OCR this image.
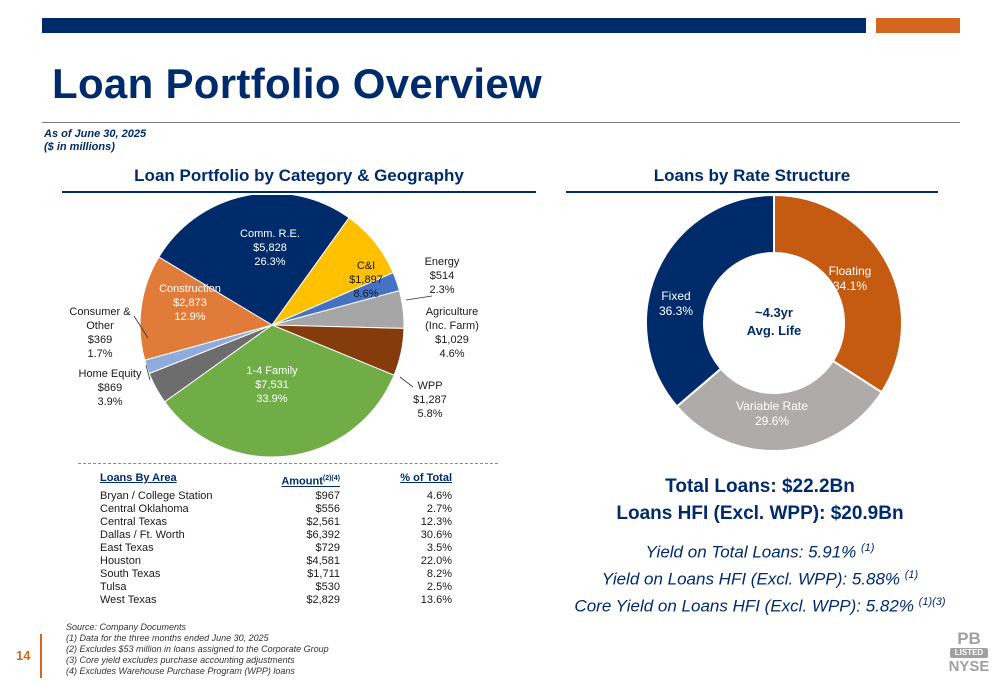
Loan Portfolio Overview
As of June 30, 2025
($ in millions)
Loan Portfolio by Category & Geography	Loans by Rate Structure
Comm. R.E. $5,828 26.3%	C&I $1,897 8.6%
Energy $514 2.3%
Agriculture (Inc. Farm) $1,029 4.6%
WPP $1,287 5.8%
1-4 Family $7,531 33.9%
Home Equity $869 3.9%
Consumer & Other $369 1.7%
Construction $2,873 12.9%
Floating 34.1%
Variable Rate 29.6%
Fixed 36.3%	~4.3yr
Avg. Life
Loans By Area	Amount$^{(2)(4)}$	% of Total
Bryan / College Station	$967	4.6%
Central Oklahoma	$556	2.7%
Central Texas	$2,561	12.3%
Dallas / Ft. Worth	$6,392	30.6%
East Texas	$729	3.5%
Houston	$4,581	22.0%
South Texas	$1,711	8.2%
Tulsa	$530	2.5%
West Texas	$2,829	13.6%
Total Loans: $22.2Bn
Loans HFI (Excl. WPP): $20.9Bn
Yield on Total Loans: 5.91% $^{(1)}$
Yield on Loans HFI (Excl. WPP): 5.88% $^{(1)}$
Core Yield on Loans HFI (Excl. WPP): 5.82% $^{(1)(3)}$
Source: Company Documents
(1) Data for the three months ended June 30, 2025
(2) Excludes $53 million in loans assigned to the Corporate Group
(3) Core yield excludes purchase accounting adjustments
(4) Excludes Warehouse Purchase Program (WPP) loans
14
PB
LISTED
NYSE
